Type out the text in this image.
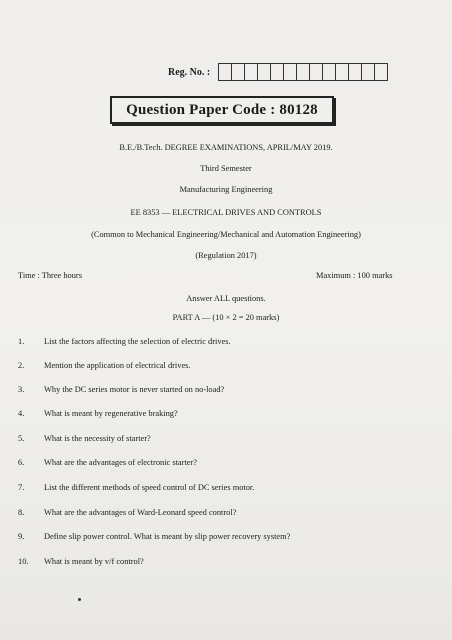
Reg. No. :
Question Paper Code : 80128
B.E./B.Tech. DEGREE EXAMINATIONS, APRIL/MAY 2019.
Third Semester
Manufacturing Engineering
EE 8353 — ELECTRICAL DRIVES AND CONTROLS
(Common to Mechanical Engineering/Mechanical and Automation Engineering)
(Regulation 2017)
Time : Three hours	Maximum : 100 marks
Answer ALL questions.
PART A — (10 × 2 = 20 marks)
1.	List the factors affecting the selection of electric drives.
2.	Mention the application of electrical drives.
3.	Why the DC series motor is never started on no-load?
4.	What is meant by regenerative braking?
5.	What is the necessity of starter?
6.	What are the advantages of electronic starter?
7.	List the different methods of speed control of DC series motor.
8.	What are the advantages of Ward-Leonard speed control?
9.	Define slip power control. What is meant by slip power recovery system?
10.	What is meant by v/f control?
